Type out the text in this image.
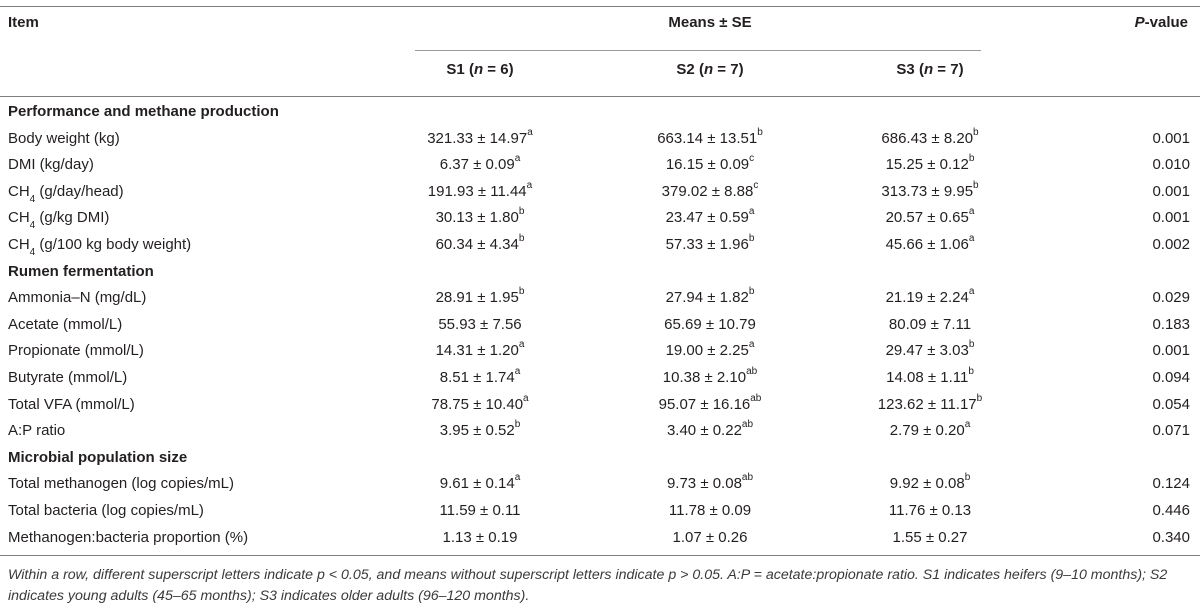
Item	Means ± SE	P-value
S1 (n = 6)	S2 (n = 7)	S3 (n = 7)
Performance and methane production
Body weight (kg)	321.33 ± 14.97$^a$	663.14 ± 13.51$^b$	686.43 ± 8.20$^b$	0.001
DMI (kg/day)	6.37 ± 0.09$^a$	16.15 ± 0.09$^c$	15.25 ± 0.12$^b$	0.010
$CH_4$ (g/day/head)	191.93 ± 11.44$^a$	379.02 ± 8.88$^c$	313.73 ± 9.95$^b$	0.001
$CH_4$ (g/kg DMI)	30.13 ± 1.80$^b$	23.47 ± 0.59$^a$	20.57 ± 0.65$^a$	0.001
$CH_4$ (g/100 kg body weight)	60.34 ± 4.34$^b$	57.33 ± 1.96$^b$	45.66 ± 1.06$^a$	0.002
Rumen fermentation
Ammonia–N (mg/dL)	28.91 ± 1.95$^b$	27.94 ± 1.82$^b$	21.19 ± 2.24$^a$	0.029
Acetate (mmol/L)	55.93 ± 7.56	65.69 ± 10.79	80.09 ± 7.11	0.183
Propionate (mmol/L)	14.31 ± 1.20$^a$	19.00 ± 2.25$^a$	29.47 ± 3.03$^b$	0.001
Butyrate (mmol/L)	8.51 ± 1.74$^a$	10.38 ± 2.10$^{ab}$	14.08 ± 1.11$^b$	0.094
Total VFA (mmol/L)	78.75 ± 10.40$^a$	95.07 ± 16.16$^{ab}$	123.62 ± 11.17$^b$	0.054
A:P ratio	3.95 ± 0.52$^b$	3.40 ± 0.22$^{ab}$	2.79 ± 0.20$^a$	0.071
Microbial population size
Total methanogen (log copies/mL)	9.61 ± 0.14$^a$	9.73 ± 0.08$^{ab}$	9.92 ± 0.08$^b$	0.124
Total bacteria (log copies/mL)	11.59 ± 0.11	11.78 ± 0.09	11.76 ± 0.13	0.446
Methanogen:bacteria proportion (%)	1.13 ± 0.19	1.07 ± 0.26	1.55 ± 0.27	0.340
Within a row, different superscript letters indicate p < 0.05, and means without superscript letters indicate p > 0.05. A:P = acetate:propionate ratio. S1 indicates heifers (9–10 months); S2 indicates young adults (45–65 months); S3 indicates older adults (96–120 months).
